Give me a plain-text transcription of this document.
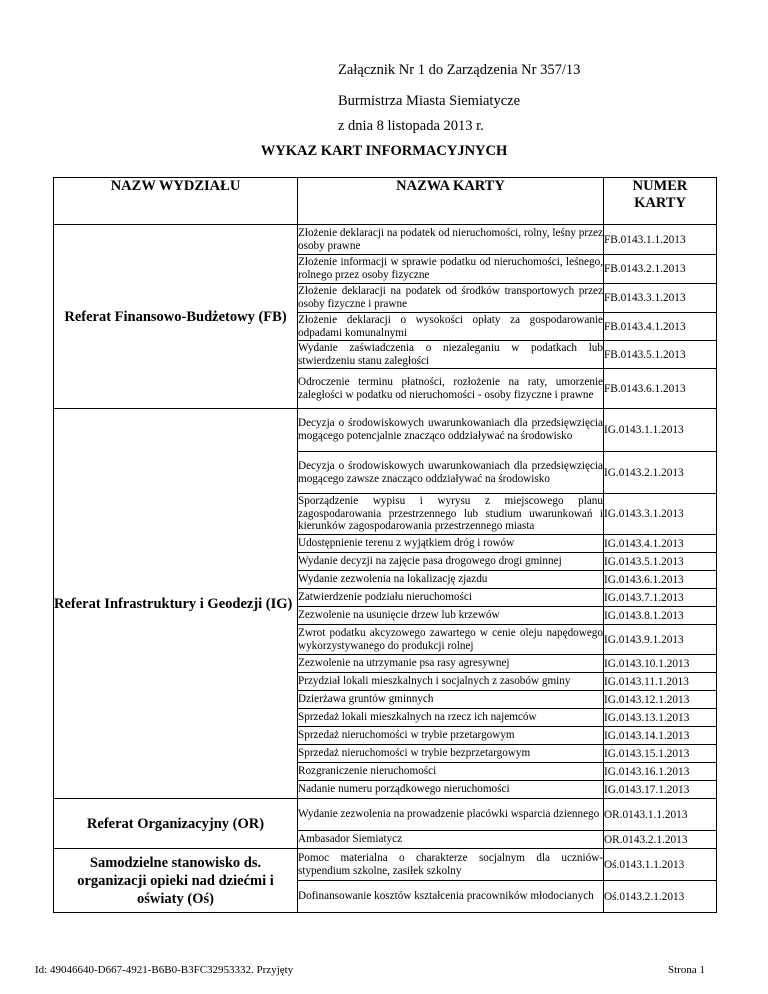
Załącznik Nr 1 do Zarządzenia Nr 357/13
Burmistrza Miasta Siemiatycze
z dnia 8 listopada 2013 r.
WYKAZ KART INFORMACYJNYCH
NAZW WYDZIAŁU	NAZWA KARTY	NUMER
KARTY
Referat Finansowo-Budżetowy (FB)	Złożenie deklaracji na podatek od nieruchomości, rolny, leśny przez osoby prawne	FB.0143.1.1.2013
	Złożenie informacji w sprawie podatku od nieruchomości, leśnego, rolnego przez osoby fizyczne	FB.0143.2.1.2013
	Złożenie deklaracji na podatek od środków transportowych przez osoby fizyczne i prawne	FB.0143.3.1.2013
	Złożenie deklaracji o wysokości opłaty za gospodarowanie odpadami komunalnymi	FB.0143.4.1.2013
	Wydanie zaświadczenia o niezaleganiu w podatkach lub stwierdzeniu stanu zaległości	FB.0143.5.1.2013
	Odroczenie terminu płatności, rozłożenie na raty, umorzenie zaległości w podatku od nieruchomości - osoby fizyczne i prawne	FB.0143.6.1.2013
Referat Infrastruktury i Geodezji (IG)	Decyzja o środowiskowych uwarunkowaniach dla przedsięwzięcia mogącego potencjalnie znacząco oddziaływać na środowisko	IG.0143.1.1.2013
	Decyzja o środowiskowych uwarunkowaniach dla przedsięwzięcia mogącego zawsze znacząco oddziaływać na środowisko	IG.0143.2.1.2013
	Sporządzenie wypisu i wyrysu z miejscowego planu zagospodarowania przestrzennego lub studium uwarunkowań i kierunków zagospodarowania przestrzennego miasta	IG.0143.3.1.2013
	Udostępnienie terenu z wyjątkiem dróg i rowów	IG.0143.4.1.2013
	Wydanie decyzji na zajęcie pasa drogowego drogi gminnej	IG.0143.5.1.2013
	Wydanie zezwolenia na lokalizację zjazdu	IG.0143.6.1.2013
	Zatwierdzenie podziału nieruchomości	IG.0143.7.1.2013
	Zezwolenie na usunięcie drzew lub krzewów	IG.0143.8.1.2013
	Zwrot podatku akcyzowego zawartego w cenie oleju napędowego wykorzystywanego do produkcji rolnej	IG.0143.9.1.2013
	Zezwolenie na utrzymanie psa rasy agresywnej	IG.0143.10.1.2013
	Przydział lokali mieszkalnych i socjalnych z zasobów gminy	IG.0143.11.1.2013
	Dzierżawa gruntów gminnych	IG.0143.12.1.2013
	Sprzedaż lokali mieszkalnych na rzecz ich najemców	IG.0143.13.1.2013
	Sprzedaż nieruchomości w trybie przetargowym	IG.0143.14.1.2013
	Sprzedaż nieruchomości w trybie bezprzetargowym	IG.0143.15.1.2013
	Rozgraniczenie nieruchomości	IG.0143.16.1.2013
	Nadanie numeru porządkowego nieruchomości	IG.0143.17.1.2013
Referat Organizacyjny (OR)	Wydanie zezwolenia na prowadzenie placówki wsparcia dziennego	OR.0143.1.1.2013
	Ambasador Siemiatycz	OR.0143.2.1.2013
Samodzielne stanowisko ds. organizacji opieki nad dziećmi i oświaty (Oś)	Pomoc materialna o charakterze socjalnym dla uczniów-stypendium szkolne, zasiłek szkolny	Oś.0143.1.1.2013
	Dofinansowanie kosztów kształcenia pracowników młodocianych	Oś.0143.2.1.2013
Id: 49046640-D667-4921-B6B0-B3FC32953332. Przyjęty	Strona 1
